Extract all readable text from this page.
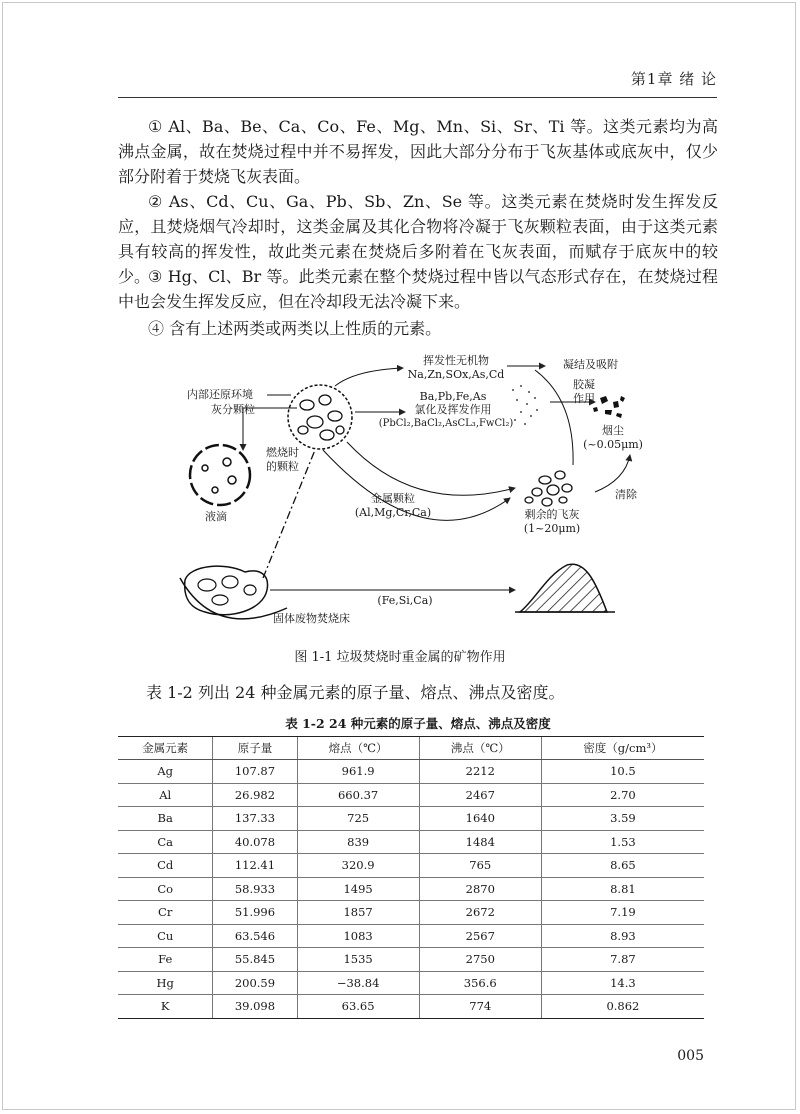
第1章 绪 论
① Al、Ba、Be、Ca、Co、Fe、Mg、Mn、Si、Sr、Ti 等。这类元素均为高沸点金属，故在焚烧过程中并不易挥发，因此大部分分布于飞灰基体或底灰中，仅少部分附着于焚烧飞灰表面。
② As、Cd、Cu、Ga、Pb、Sb、Zn、Se 等。这类元素在焚烧时发生挥发反应，且焚烧烟气冷却时，这类金属及其化合物将冷凝于飞灰颗粒表面，由于这类元素具有较高的挥发性，故此类元素在焚烧后多附着在飞灰表面，而赋存于底灰中的较少。
③ Hg、Cl、Br 等。此类元素在整个焚烧过程中皆以气态形式存在，在焚烧过程中也会发生挥发反应，但在冷却段无法冷凝下来。
④ 含有上述两类或两类以上性质的元素。
内部还原环境
灰分颗粒
液滴
燃烧时
的颗粒
挥发性无机物
Na,Zn,SOx,As,Cd
Ba,Pb,Fe,As
氯化及挥发作用
(PbCl₂,BaCl₂,AsCL₃,FwCl₂)
凝结及吸附
胶凝
作用
烟尘
(~0.05μm)
清除
金属颗粒
(Al,Mg,Cr,Ca)	剩余的飞灰
(1~20μm)
(Fe,Si,Ca)
固体废物焚烧床
图 1-1 垃圾焚烧时重金属的矿物作用
表 1-2 列出 24 种金属元素的原子量、熔点、沸点及密度。
表 1-2 24 种元素的原子量、熔点、沸点及密度
金属元素	原子量	熔点（℃）	沸点（℃）	密度（g/cm³）
Ag	107.87	961.9	2212	10.5
Al	26.982	660.37	2467	2.70
Ba	137.33	725	1640	3.59
Ca	40.078	839	1484	1.53
Cd	112.41	320.9	765	8.65
Co	58.933	1495	2870	8.81
Cr	51.996	1857	2672	7.19
Cu	63.546	1083	2567	8.93
Fe	55.845	1535	2750	7.87
Hg	200.59	−38.84	356.6	14.3
K	39.098	63.65	774	0.862
005
